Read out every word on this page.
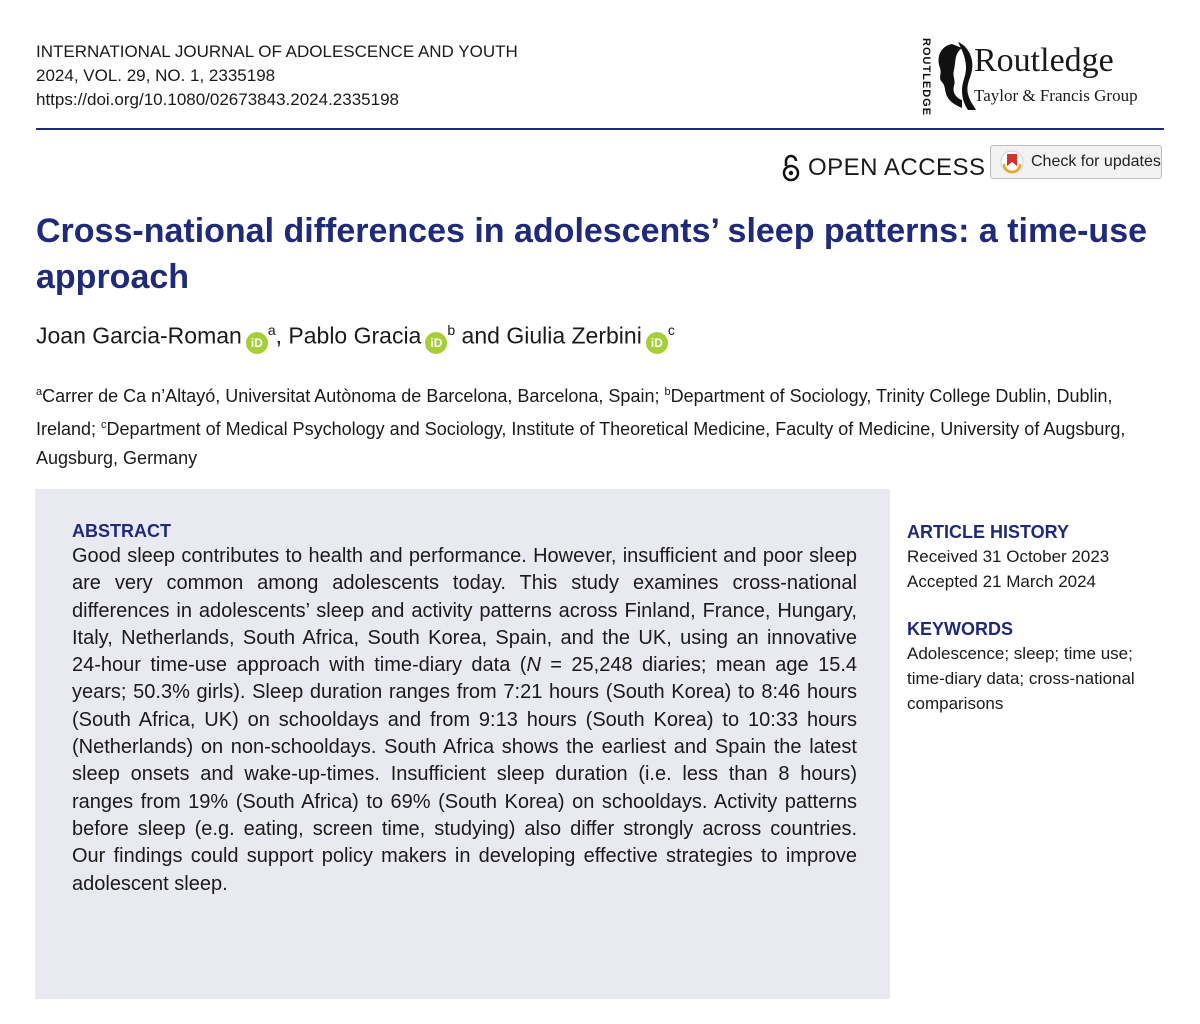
INTERNATIONAL JOURNAL OF ADOLESCENCE AND YOUTH
2024, VOL. 29, NO. 1, 2335198
https://doi.org/10.1080/02673843.2024.2335198	ROUTLEDGE Routledge
Taylor & Francis Group
OPEN ACCESS	Check for updates
Cross-national differences in adolescents’ sleep patterns: a time-use approach
Joan Garcia-Roman $iD^a$, Pablo Gracia $iD^b$ and Giulia Zerbini $iD^c$
$^a$Carrer de Ca n’Altayó, Universitat Autònoma de Barcelona, Barcelona, Spain; $^b$Department of Sociology, Trinity College Dublin, Dublin, Ireland; $^c$Department of Medical Psychology and Sociology, Institute of Theoretical Medicine, Faculty of Medicine, University of Augsburg, Augsburg, Germany
ABSTRACT
Good sleep contributes to health and performance. However, insufficient and poor sleep are very common among adolescents today. This study examines cross-national differences in adolescents’ sleep and activity patterns across Finland, France, Hungary, Italy, Netherlands, South Africa, South Korea, Spain, and the UK, using an innovative 24-hour time-use approach with time-diary data (N = 25,248 diaries; mean age 15.4 years; 50.3% girls). Sleep duration ranges from 7:21 hours (South Korea) to 8:46 hours (South Africa, UK) on schooldays and from 9:13 hours (South Korea) to 10:33 hours (Netherlands) on non-schooldays. South Africa shows the earliest and Spain the latest sleep onsets and wake-up-times. Insufficient sleep duration (i.e. less than 8 hours) ranges from 19% (South Africa) to 69% (South Korea) on schooldays. Activity patterns before sleep (e.g. eating, screen time, studying) also differ strongly across countries. Our findings could support policy makers in developing effective strategies to improve adolescent sleep.
ARTICLE HISTORY
Received 31 October 2023
Accepted 21 March 2024
KEYWORDS
Adolescence; sleep; time use; time-diary data; cross-national comparisons
